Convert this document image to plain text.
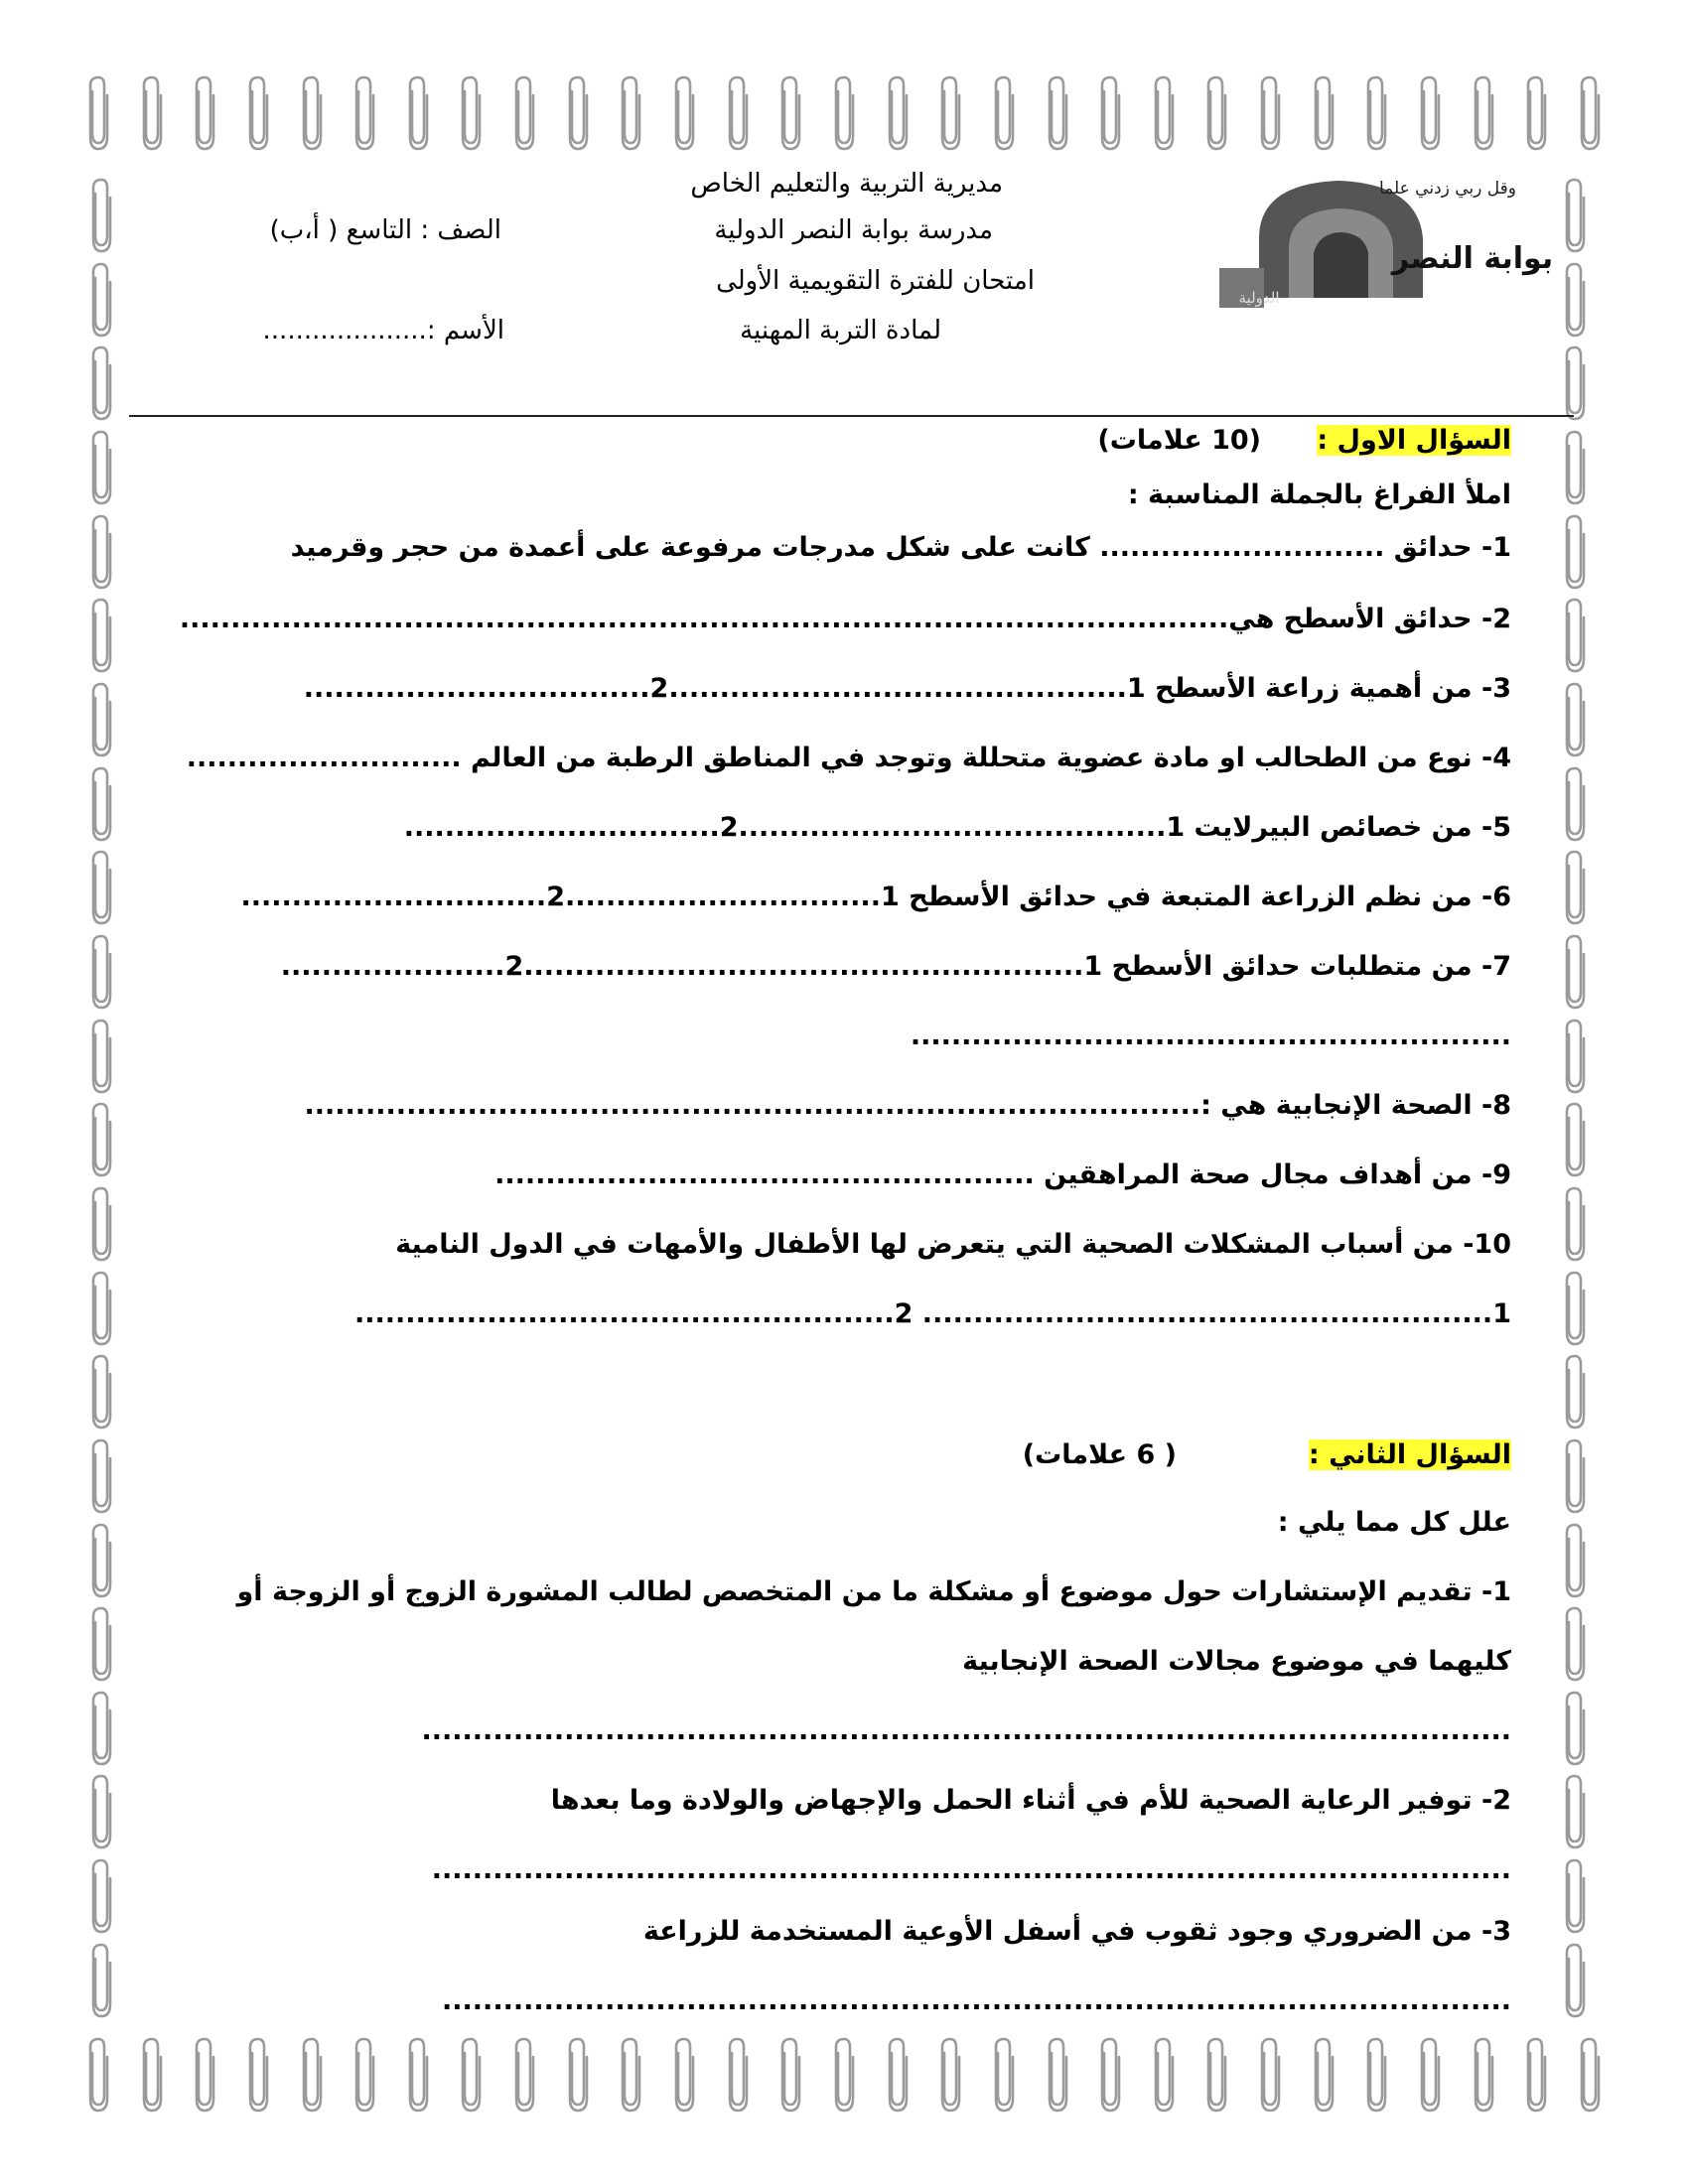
وقل ربي زدني علما
بوابة النصر
الدولية
مديرية التربية والتعليم الخاص
مدرسة بوابة النصر الدولية
الصف : التاسع ( أ،ب)
امتحان للفترة التقويمية الأولى
لمادة التربة المهنية
الأسم :....................
السؤال الاول :
(10 علامات)
املأ الفراغ بالجملة المناسبة :
1- حدائق ............................ كانت على شكل مدرجات مرفوعة على أعمدة من حجر وقرميد
2- حدائق الأسطح هي.......................................................................................................
3- من أهمية زراعة الأسطح 1.............................................2..................................
4- نوع من الطحالب او مادة عضوية متحللة وتوجد في المناطق الرطبة من العالم ...........................
5- من خصائص البيرلايت 1..........................................2...............................
6- من نظم الزراعة المتبعة في حدائق الأسطح 1...............................2..............................
7- من متطلبات حدائق الأسطح 1.......................................................2......................
...........................................................
8- الصحة الإنجابية هي :........................................................................................
9- من أهداف مجال صحة المراهقين .....................................................
10- من أسباب المشكلات الصحية التي يتعرض لها الأطفال والأمهات في الدول النامية
1........................................................ 2.....................................................
السؤال الثاني :
( 6 علامات)
علل كل مما يلي :
1- تقديم الإستشارات حول موضوع أو مشكلة ما من المتخصص لطالب المشورة الزوج أو الزوجة أو
كليهما في موضوع مجالات الصحة الإنجابية
...........................................................................................................
2- توفير الرعاية الصحية للأم في أثناء الحمل والإجهاض والولادة وما بعدها
..........................................................................................................
3- من الضروري وجود ثقوب في أسفل الأوعية المستخدمة للزراعة
.........................................................................................................
